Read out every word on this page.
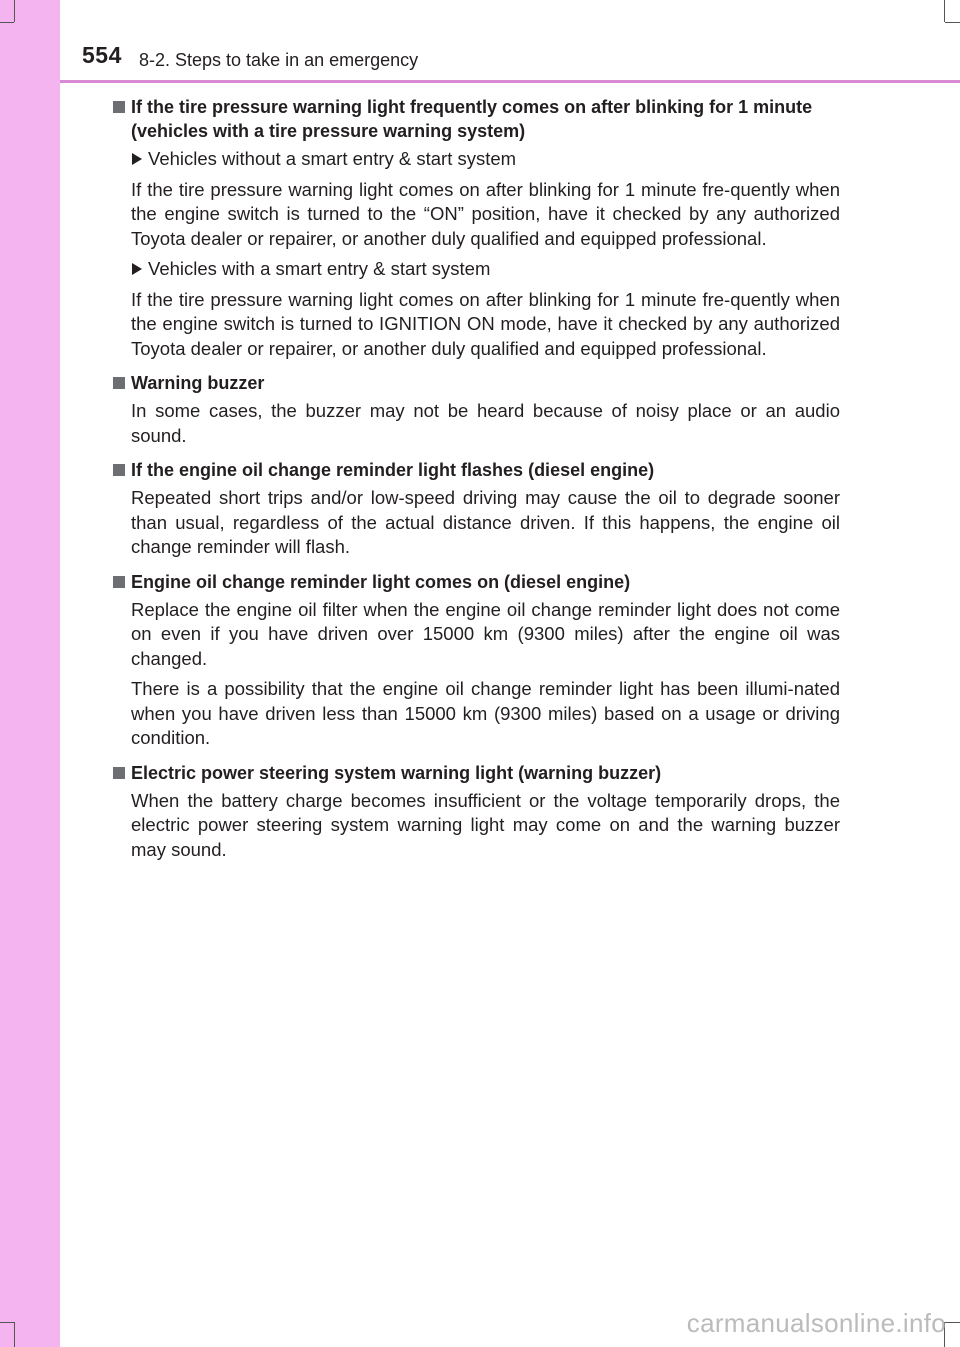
554 8-2. Steps to take in an emergency
If the tire pressure warning light frequently comes on after blinking for 1 minute (vehicles with a tire pressure warning system)
Vehicles without a smart entry & start system

If the tire pressure warning light comes on after blinking for 1 minute fre-quently when the engine switch is turned to the “ON” position, have it checked by any authorized Toyota dealer or repairer, or another duly qualified and equipped professional.

Vehicles with a smart entry & start system

If the tire pressure warning light comes on after blinking for 1 minute fre-quently when the engine switch is turned to IGNITION ON mode, have it checked by any authorized Toyota dealer or repairer, or another duly qualified and equipped professional.

Warning buzzer

In some cases, the buzzer may not be heard because of noisy place or an audio sound.

If the engine oil change reminder light flashes (diesel engine)

Repeated short trips and/or low-speed driving may cause the oil to degrade sooner than usual, regardless of the actual distance driven. If this happens, the engine oil change reminder will flash.

Engine oil change reminder light comes on (diesel engine)

Replace the engine oil filter when the engine oil change reminder light does not come on even if you have driven over 15000 km (9300 miles) after the engine oil was changed.

There is a possibility that the engine oil change reminder light has been illumi-nated when you have driven less than 15000 km (9300 miles) based on a usage or driving condition.

Electric power steering system warning light (warning buzzer)

When the battery charge becomes insufficient or the voltage temporarily drops, the electric power steering system warning light may come on and the warning buzzer may sound.

carmanualsonline.info
